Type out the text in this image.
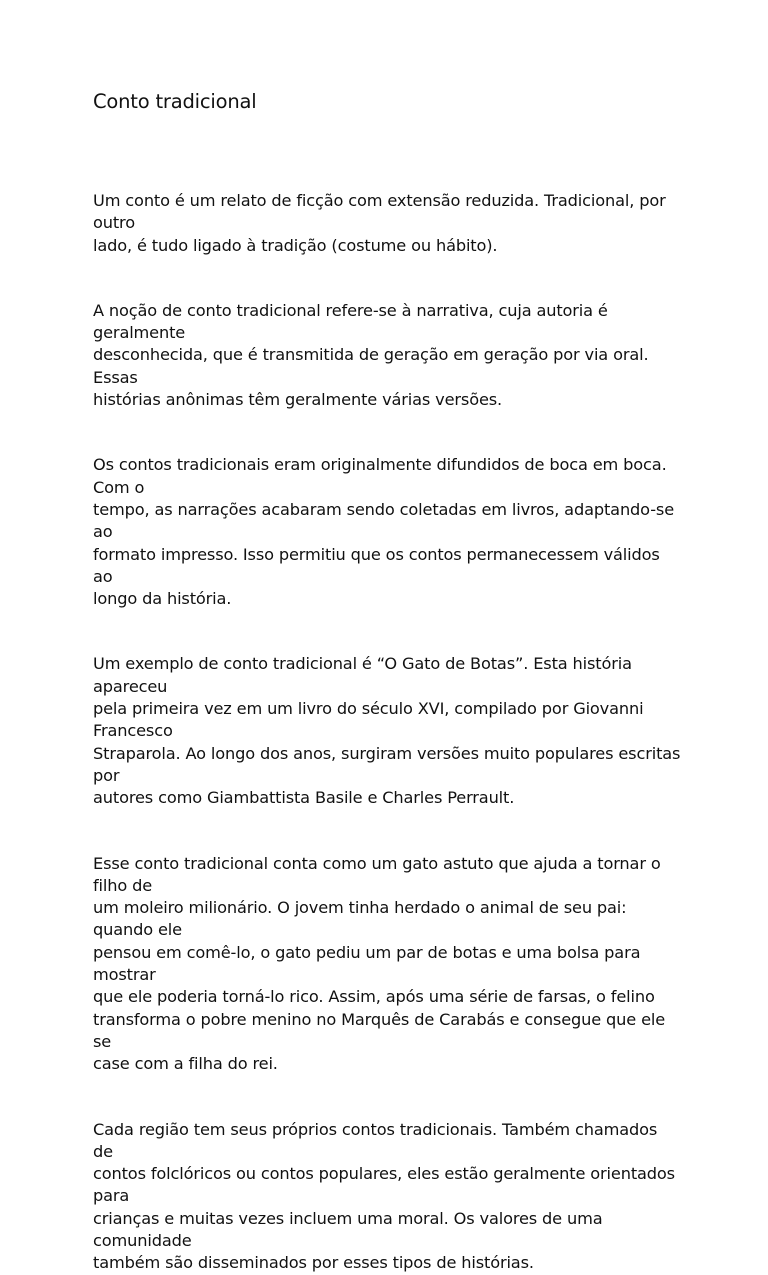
Conto tradicional

Um conto é um relato de ficção com extensão reduzida. Tradicional, por outro
lado, é tudo ligado à tradição (costume ou hábito).

A noção de conto tradicional refere-se à narrativa, cuja autoria é geralmente
desconhecida, que é transmitida de geração em geração por via oral. Essas
histórias anônimas têm geralmente várias versões.

Os contos tradicionais eram originalmente difundidos de boca em boca. Com o
tempo, as narrações acabaram sendo coletadas em livros, adaptando-se ao
formato impresso. Isso permitiu que os contos permanecessem válidos ao
longo da história.

Um exemplo de conto tradicional é “O Gato de Botas”. Esta história apareceu
pela primeira vez em um livro do século XVI, compilado por Giovanni Francesco
Straparola. Ao longo dos anos, surgiram versões muito populares escritas por
autores como Giambattista Basile e Charles Perrault.

Esse conto tradicional conta como um gato astuto que ajuda a tornar o filho de
um moleiro milionário. O jovem tinha herdado o animal de seu pai: quando ele
pensou em comê-lo, o gato pediu um par de botas e uma bolsa para mostrar
que ele poderia torná-lo rico. Assim, após uma série de farsas, o felino
transforma o pobre menino no Marquês de Carabás e consegue que ele se
case com a filha do rei.

Cada região tem seus próprios contos tradicionais. Também chamados de
contos folclóricos ou contos populares, eles estão geralmente orientados para
crianças e muitas vezes incluem uma moral. Os valores de uma comunidade
também são disseminados por esses tipos de histórias.
